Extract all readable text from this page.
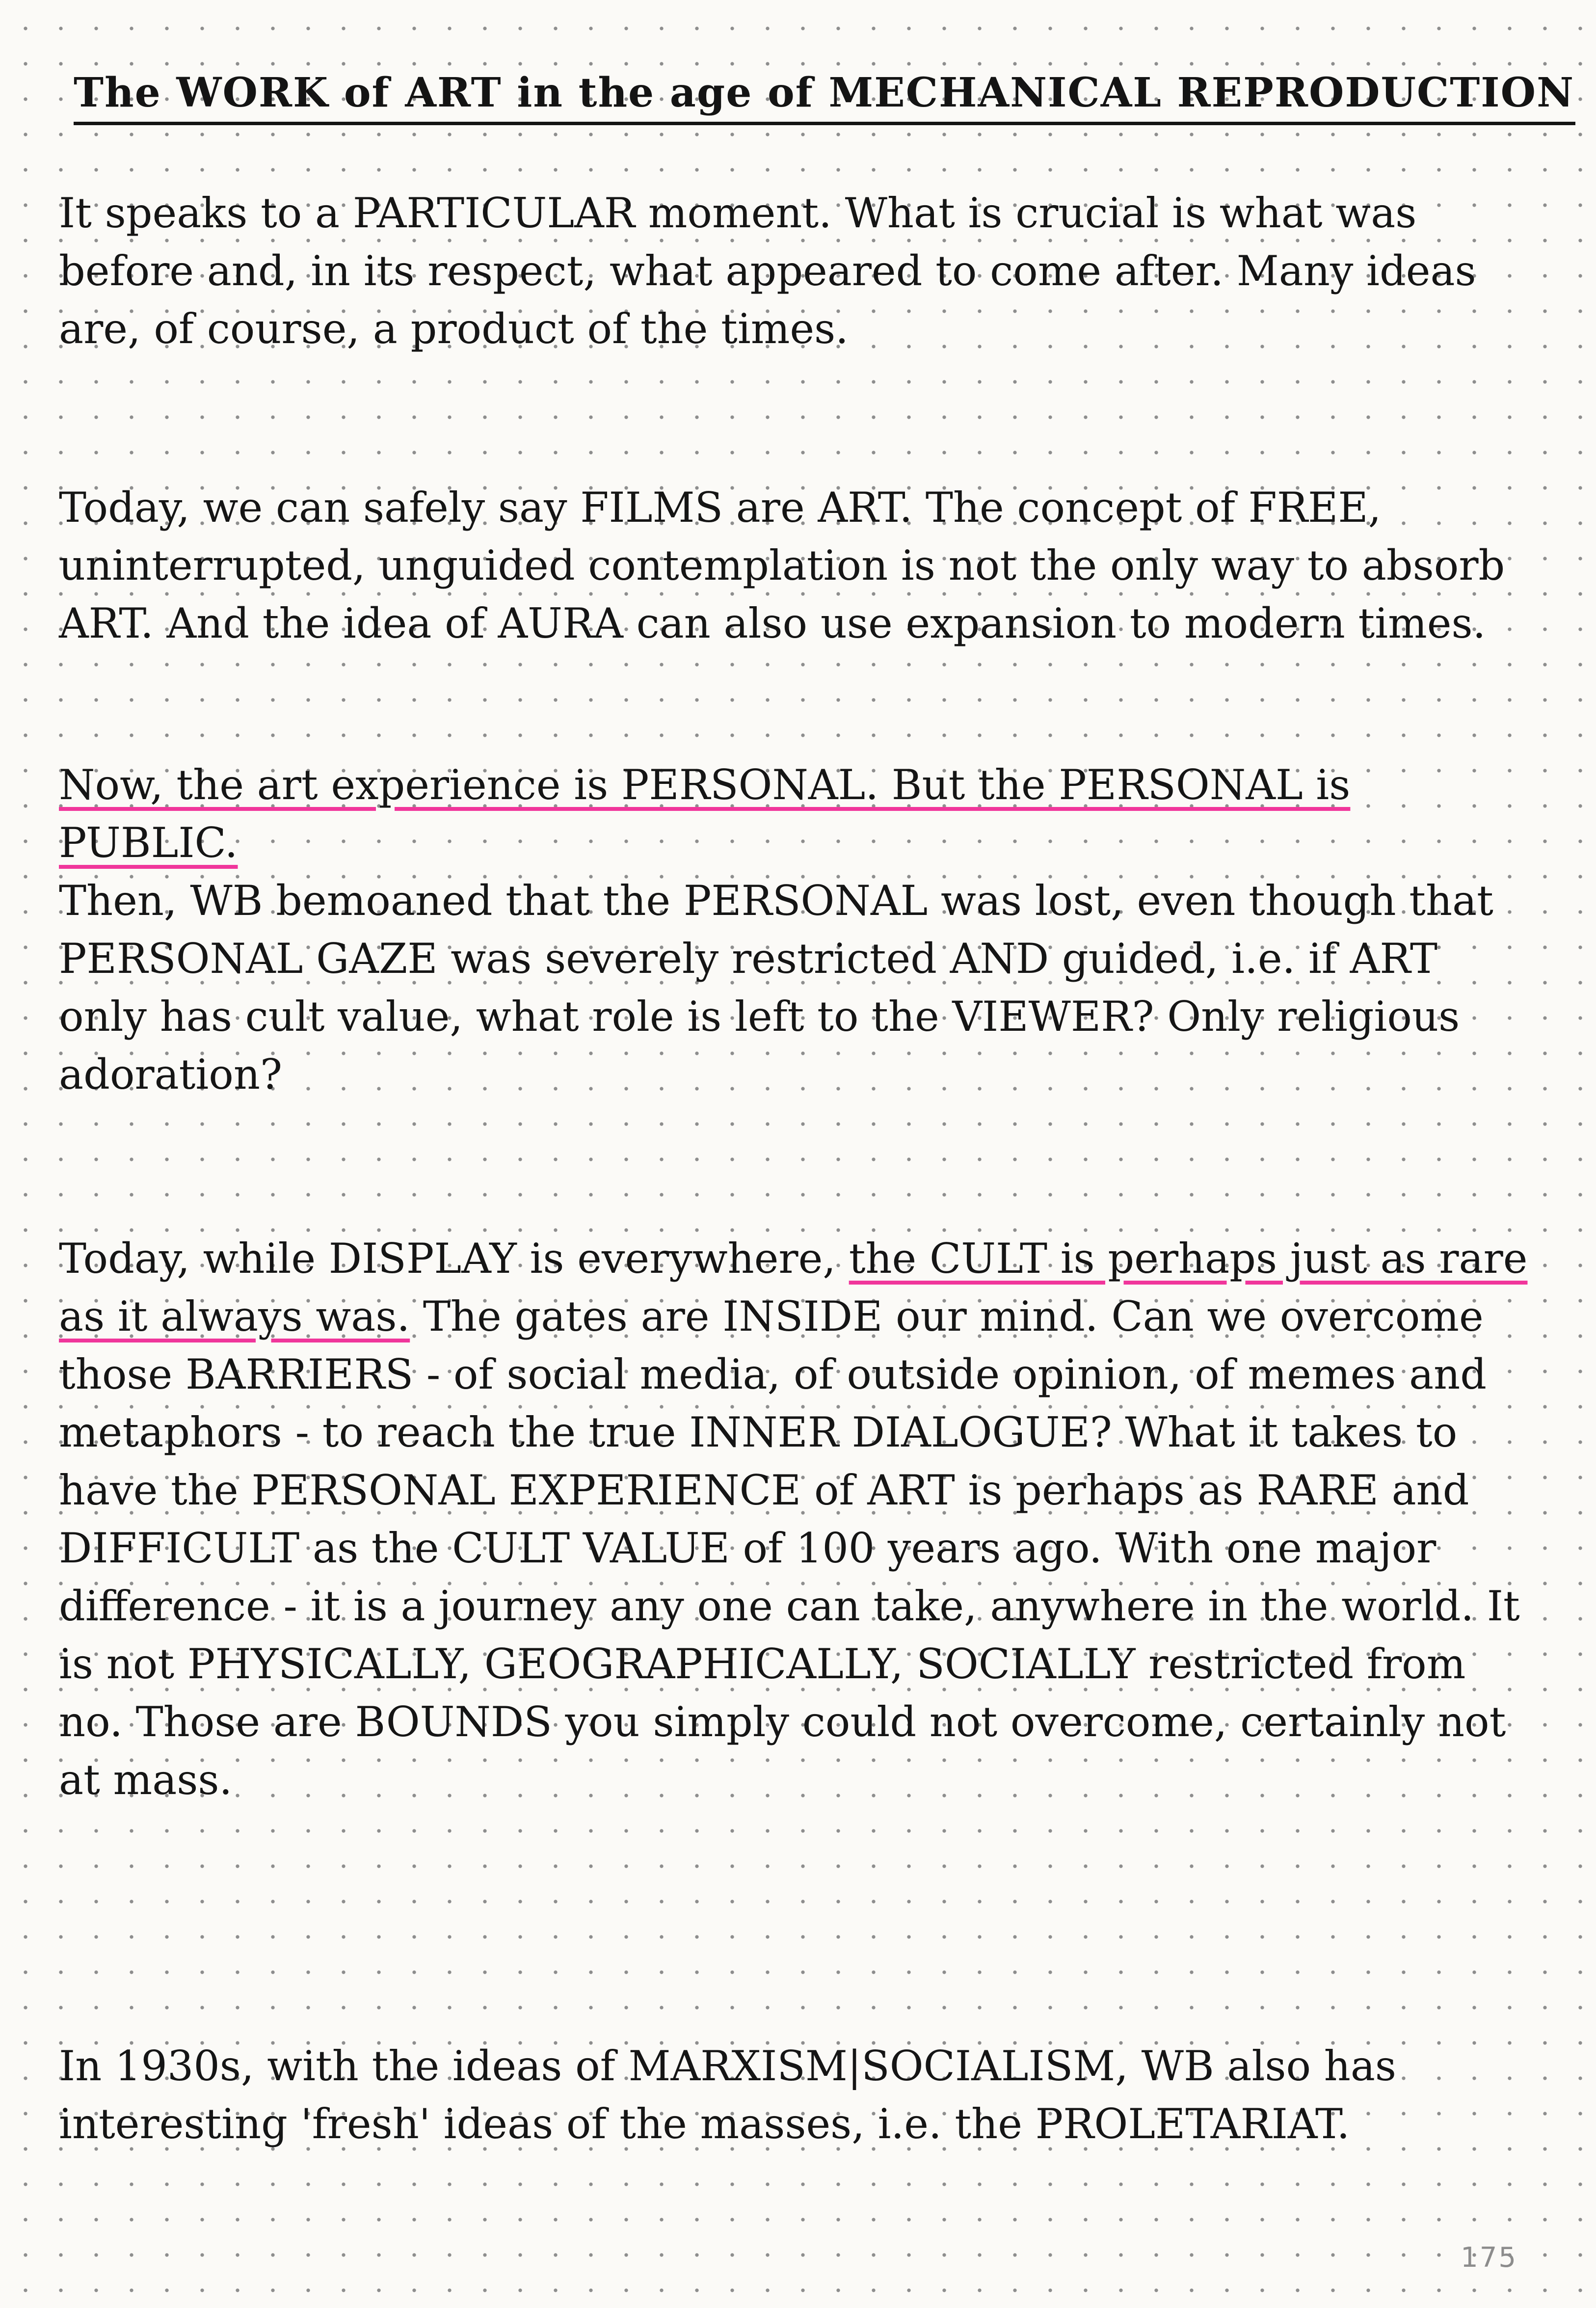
The WORK of ART in the age of MECHANICAL REPRODUCTION

It speaks to a PARTICULAR moment. What is crucial is what was before and, in its respect, what appeared to come after. Many ideas are, of course, a product of the times.

Today, we can safely say FILMS are ART. The concept of FREE, uninterrupted, unguided contemplation is not the only way to absorb ART. And the idea of AURA can also use expansion to modern times.

Now, the art experience is PERSONAL. But the PERSONAL is PUBLIC.
Then, WB bemoaned that the PERSONAL was lost, even though that PERSONAL GAZE was severely restricted AND guided, i.e. if ART only has cult value, what role is left to the VIEWER? Only religious adoration?

Today, while DISPLAY is everywhere, the CULT is perhaps just as rare as it always was. The gates are INSIDE our mind. Can we overcome those BARRIERS - of social media, of outside opinion, of memes and metaphors - to reach the true INNER DIALOGUE? What it takes to have the PERSONAL EXPERIENCE of ART is perhaps as RARE and DIFFICULT as the CULT VALUE of 100 years ago. With one major difference - it is a journey any one can take, anywhere in the world. It is not PHYSICALLY, GEOGRAPHICALLY, SOCIALLY restricted from no. Those are BOUNDS you simply could not overcome, certainly not at mass.

In 1930s, with the ideas of MARXISM|SOCIALISM, WB also has interesting 'fresh' ideas of the masses, i.e. the PROLETARIAT.

175
